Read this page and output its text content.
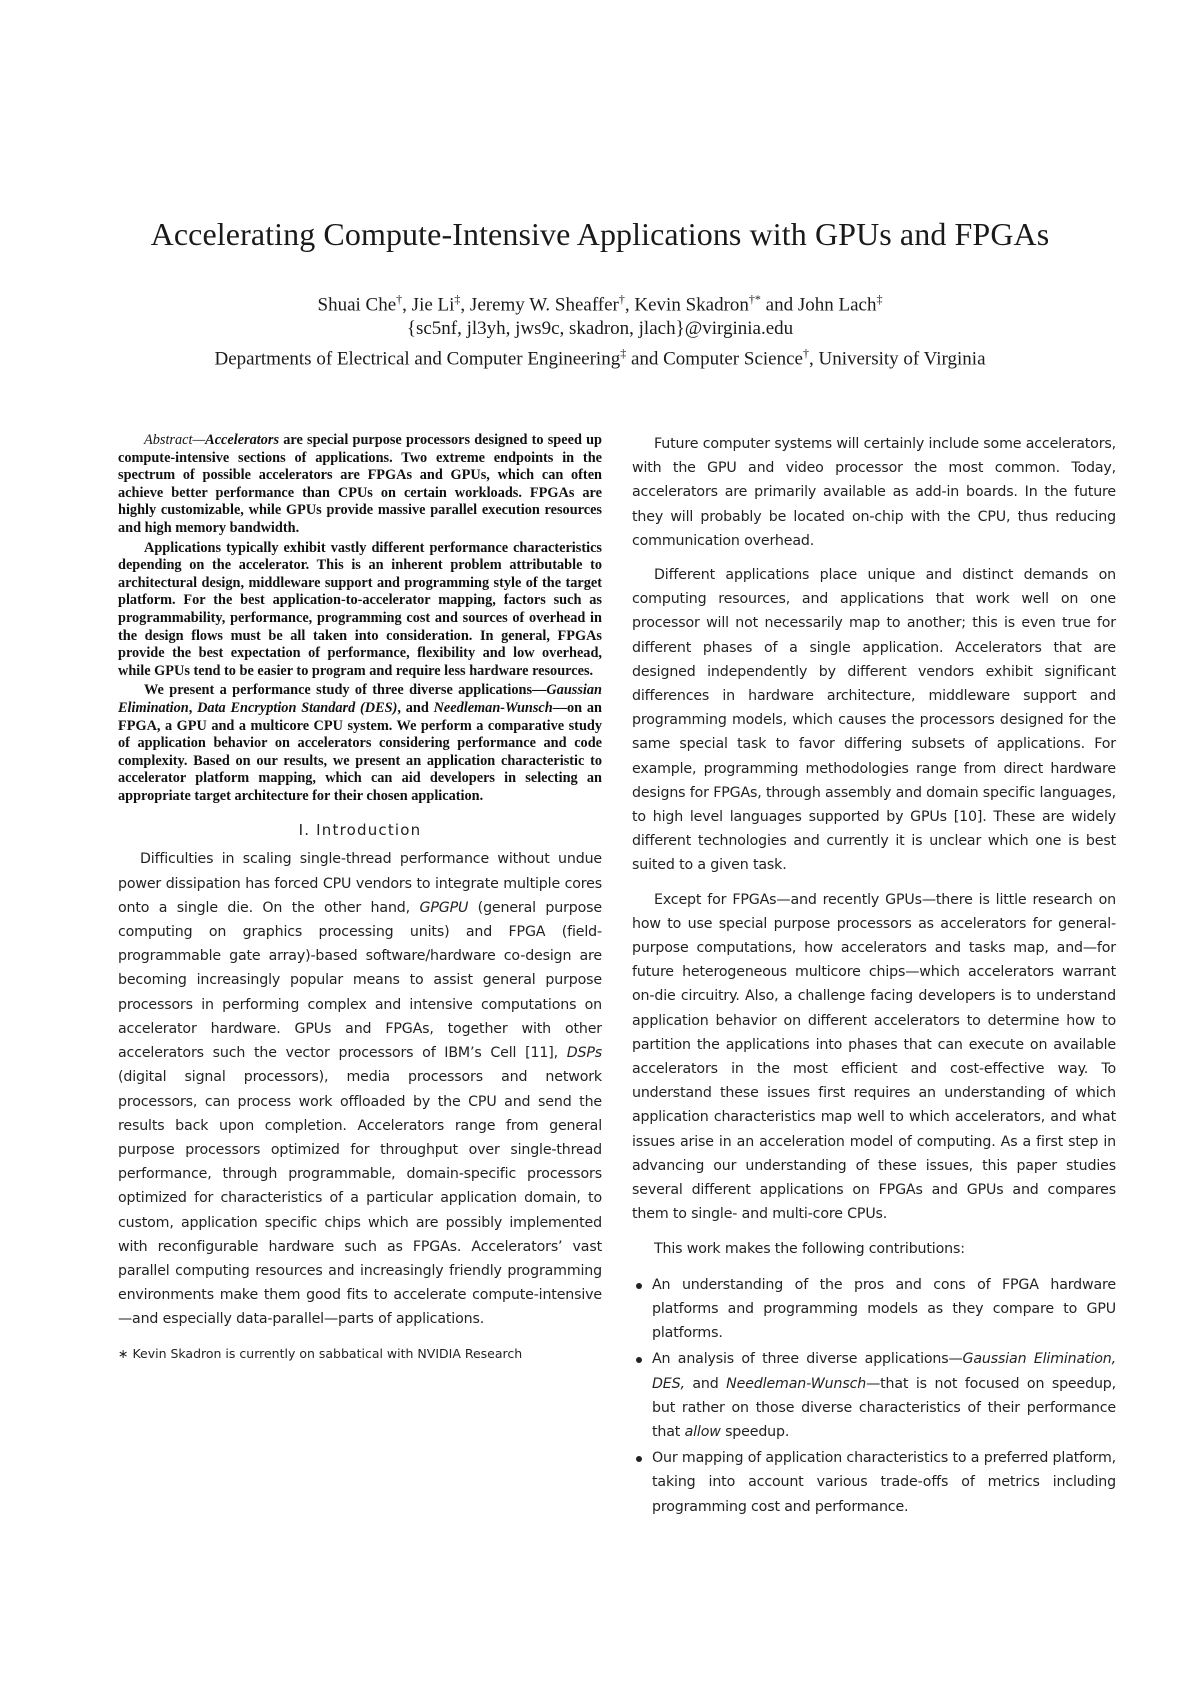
Accelerating Compute-Intensive Applications with GPUs and FPGAs
Shuai Che†, Jie Li‡, Jeremy W. Sheaffer†, Kevin Skadron†* and John Lach‡
{sc5nf, jl3yh, jws9c, skadron, jlach}@virginia.edu
Departments of Electrical and Computer Engineering‡ and Computer Science†, University of Virginia

Abstract—Accelerators are special purpose processors designed to speed up compute-intensive sections of applications. Two extreme endpoints in the spectrum of possible accelerators are FPGAs and GPUs, which can often achieve better performance than CPUs on certain workloads. FPGAs are highly customizable, while GPUs provide massive parallel execution resources and high memory bandwidth.

Applications typically exhibit vastly different performance characteristics depending on the accelerator. This is an inherent problem attributable to architectural design, middleware support and programming style of the target platform. For the best application-to-accelerator mapping, factors such as programmability, performance, programming cost and sources of overhead in the design flows must be all taken into consideration. In general, FPGAs provide the best expectation of performance, flexibility and low overhead, while GPUs tend to be easier to program and require less hardware resources.

We present a performance study of three diverse applications—Gaussian Elimination, Data Encryption Standard (DES), and Needleman-Wunsch—on an FPGA, a GPU and a multicore CPU system. We perform a comparative study of application behavior on accelerators considering performance and code complexity. Based on our results, we present an application characteristic to accelerator platform mapping, which can aid developers in selecting an appropriate target architecture for their chosen application.

I. Introduction

Difficulties in scaling single-thread performance without undue power dissipation has forced CPU vendors to integrate multiple cores onto a single die. On the other hand, GPGPU (general purpose computing on graphics processing units) and FPGA (field-programmable gate array)-based software/hardware co-design are becoming increasingly popular means to assist general purpose processors in performing complex and intensive computations on accelerator hardware. GPUs and FPGAs, together with other accelerators such the vector processors of IBM’s Cell [11], DSPs (digital signal processors), media processors and network processors, can process work offloaded by the CPU and send the results back upon completion. Accelerators range from general purpose processors optimized for throughput over single-thread performance, through programmable, domain-specific processors optimized for characteristics of a particular application domain, to custom, application specific chips which are possibly implemented with reconfigurable hardware such as FPGAs. Accelerators’ vast parallel computing resources and increasingly friendly programming environments make them good fits to accelerate compute-intensive—and especially data-parallel—parts of applications.

∗ Kevin Skadron is currently on sabbatical with NVIDIA Research

Future computer systems will certainly include some accelerators, with the GPU and video processor the most common. Today, accelerators are primarily available as add-in boards. In the future they will probably be located on-chip with the CPU, thus reducing communication overhead.

Different applications place unique and distinct demands on computing resources, and applications that work well on one processor will not necessarily map to another; this is even true for different phases of a single application. Accelerators that are designed independently by different vendors exhibit significant differences in hardware architecture, middleware support and programming models, which causes the processors designed for the same special task to favor differing subsets of applications. For example, programming methodologies range from direct hardware designs for FPGAs, through assembly and domain specific languages, to high level languages supported by GPUs [10]. These are widely different technologies and currently it is unclear which one is best suited to a given task.

Except for FPGAs—and recently GPUs—there is little research on how to use special purpose processors as accelerators for general-purpose computations, how accelerators and tasks map, and—for future heterogeneous multicore chips—which accelerators warrant on-die circuitry. Also, a challenge facing developers is to understand application behavior on different accelerators to determine how to partition the applications into phases that can execute on available accelerators in the most efficient and cost-effective way. To understand these issues first requires an understanding of which application characteristics map well to which accelerators, and what issues arise in an acceleration model of computing. As a first step in advancing our understanding of these issues, this paper studies several different applications on FPGAs and GPUs and compares them to single- and multi-core CPUs.

This work makes the following contributions:

An understanding of the pros and cons of FPGA hardware platforms and programming models as they compare to GPU platforms.
An analysis of three diverse applications—Gaussian Elimination, DES, and Needleman-Wunsch—that is not focused on speedup, but rather on those diverse characteristics of their performance that allow speedup.
Our mapping of application characteristics to a preferred platform, taking into account various trade-offs of metrics including programming cost and performance.
